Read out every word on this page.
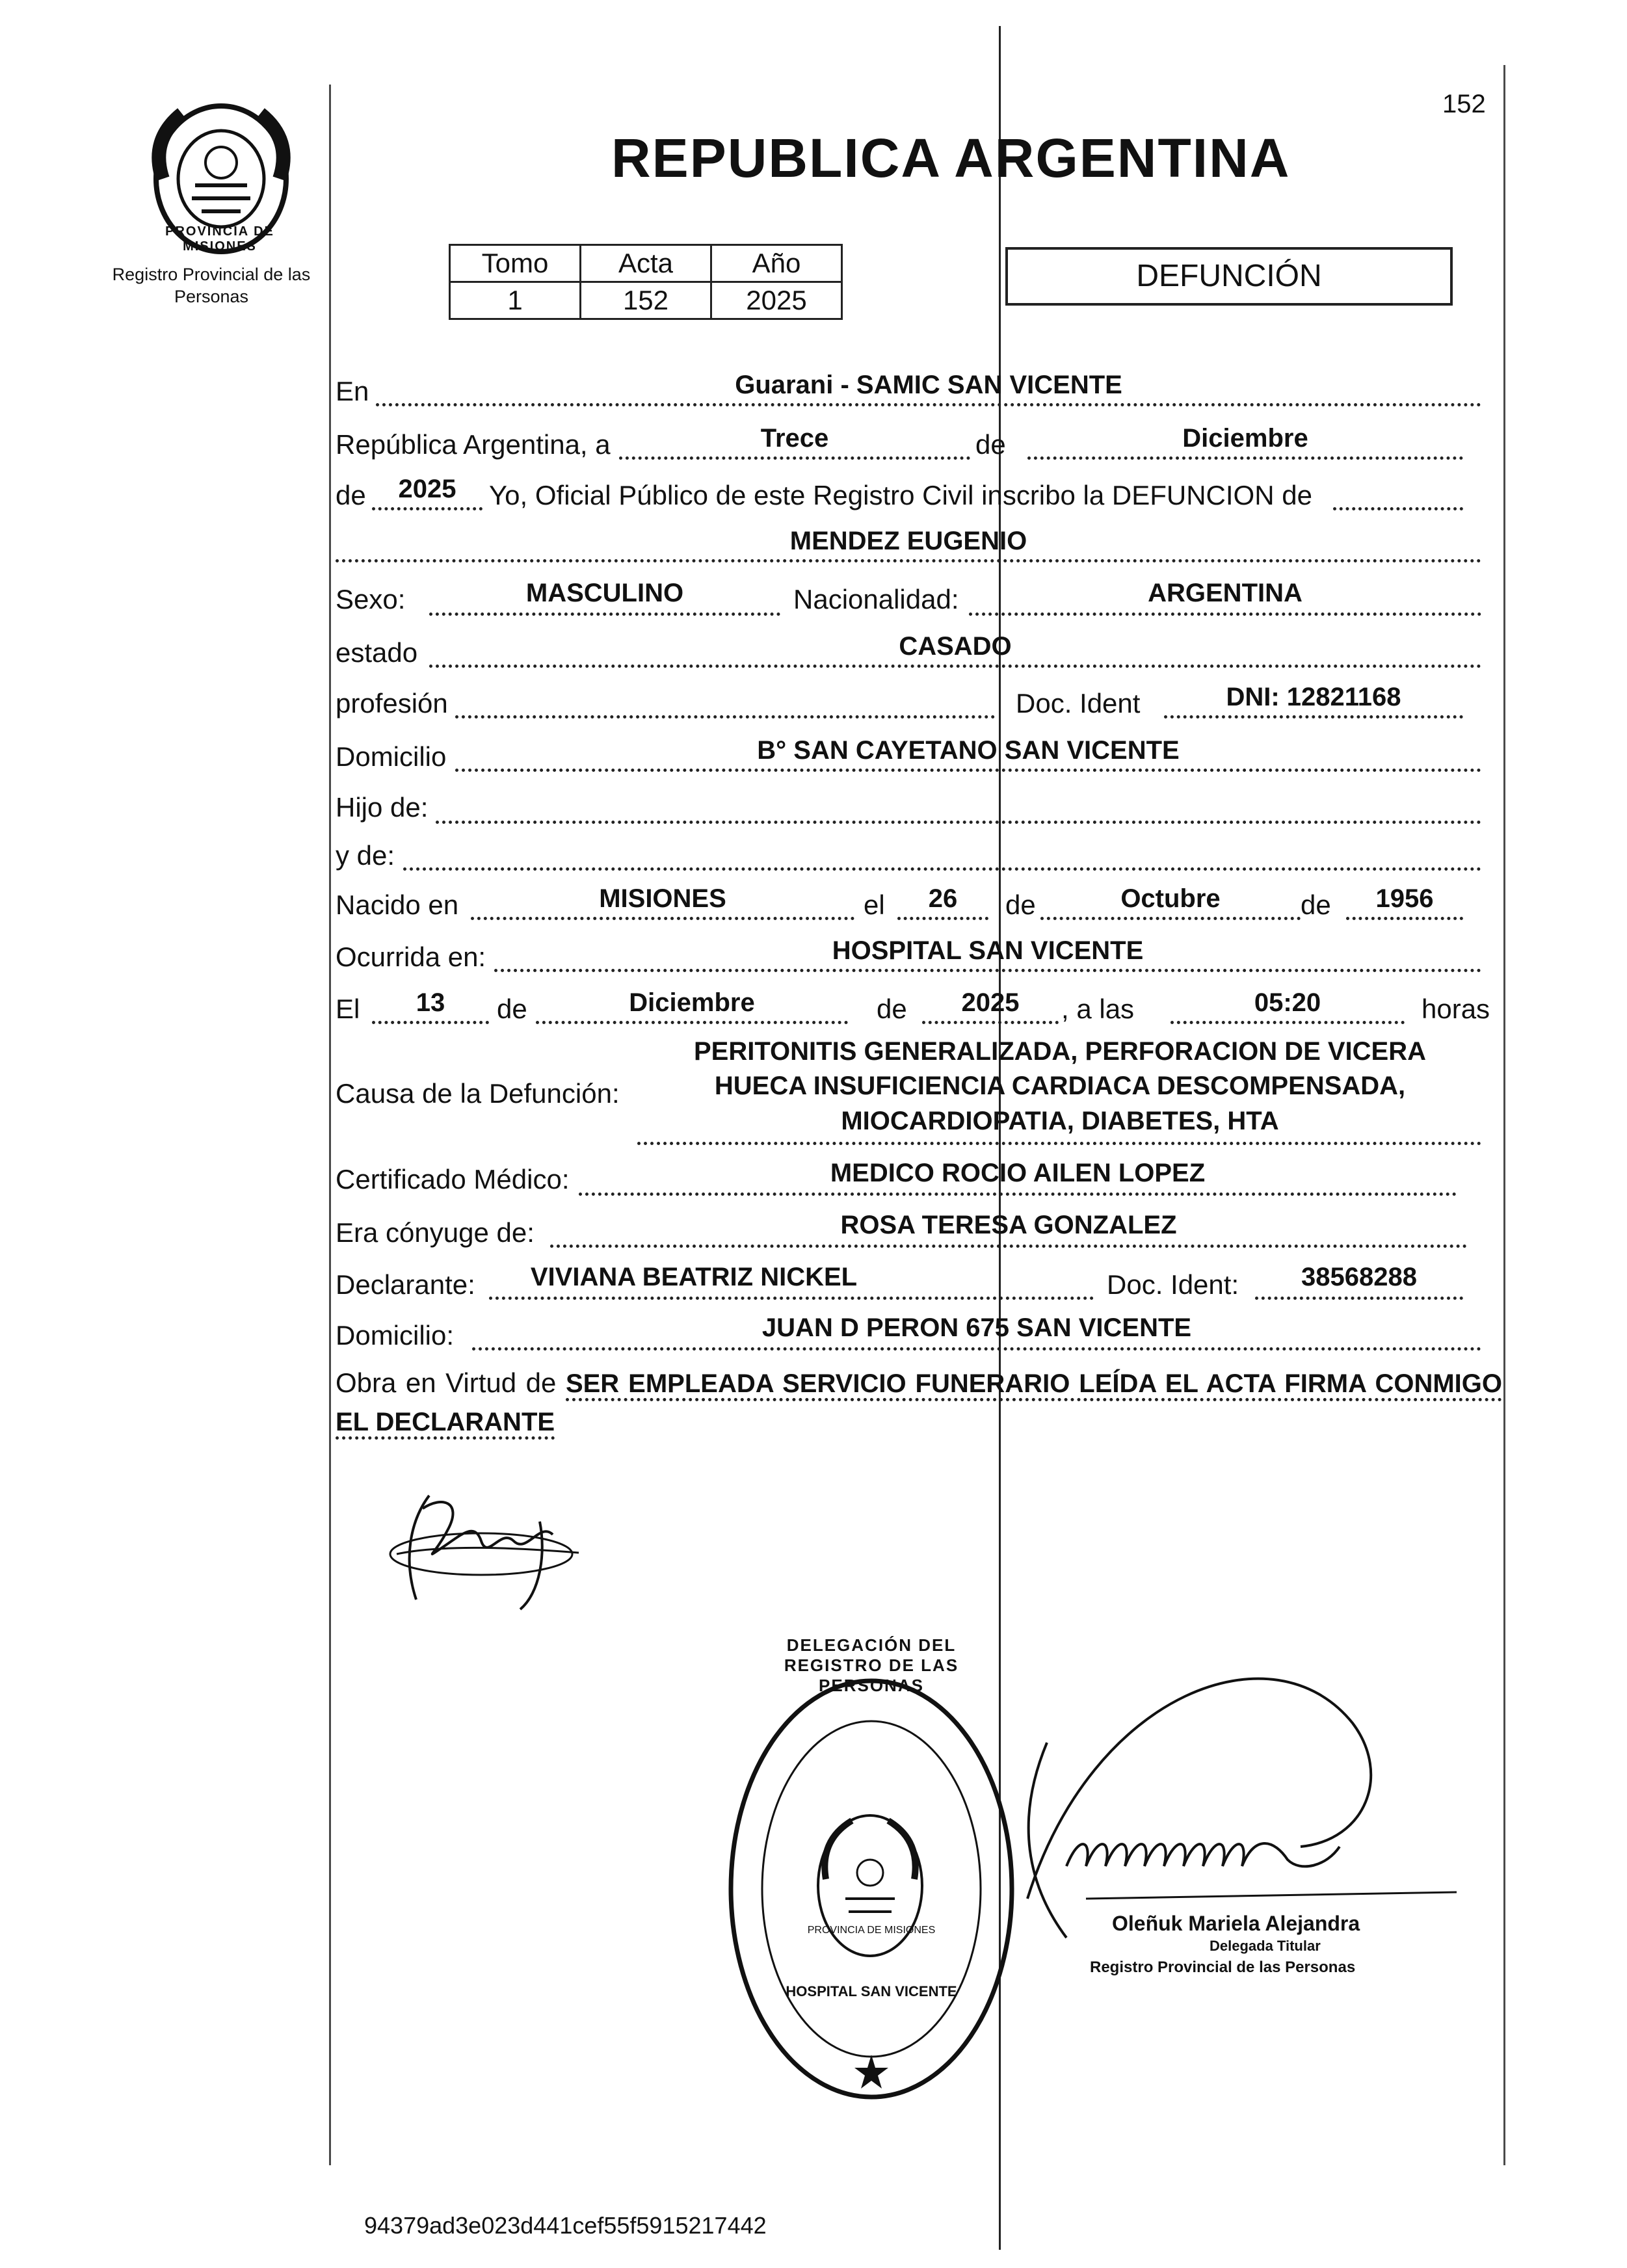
PROVINCIA DE MISIONES
Registro Provincial de las Personas
152
REPUBLICA ARGENTINA
Tomo	Acta	Año
1	152	2025
DEFUNCIÓN
En	Guarani - SAMIC SAN VICENTE
República Argentina, a	Trece	de	Diciembre
de	2025	Yo, Oficial Público de este Registro Civil inscribo la DEFUNCION de
MENDEZ EUGENIO
Sexo:	MASCULINO	Nacionalidad:	ARGENTINA
estado	CASADO
profesión	Doc. Ident	DNI: 12821168
Domicilio	B° SAN CAYETANO SAN VICENTE
Hijo de:
y de:
Nacido en	MISIONES	el	26	de	Octubre	de	1956
Ocurrida en:	HOSPITAL SAN VICENTE
El	13	de	Diciembre	de	2025	, a las	05:20	horas
Causa de la Defunción:
PERITONITIS GENERALIZADA, PERFORACION DE VICERA
HUECA INSUFICIENCIA CARDIACA DESCOMPENSADA,
MIOCARDIOPATIA, DIABETES, HTA
Certificado Médico:	MEDICO ROCIO AILEN LOPEZ
Era cónyuge de:	ROSA TERESA GONZALEZ
Declarante:	VIVIANA BEATRIZ NICKEL	Doc. Ident:	38568288
Domicilio:	JUAN D PERON 675 SAN VICENTE
Obra en Virtud de SER EMPLEADA SERVICIO FUNERARIO LEÍDA EL ACTA FIRMA CONMIGO EL DECLARANTE
DELEGACIÓN DEL REGISTRO DE LAS PERSONAS
HOSPITAL SAN VICENTE
PROVINCIA DE MISIONES	Oleñuk Mariela Alejandra
Delegada Titular
Registro Provincial de las Personas
94379ad3e023d441cef55f5915217442
